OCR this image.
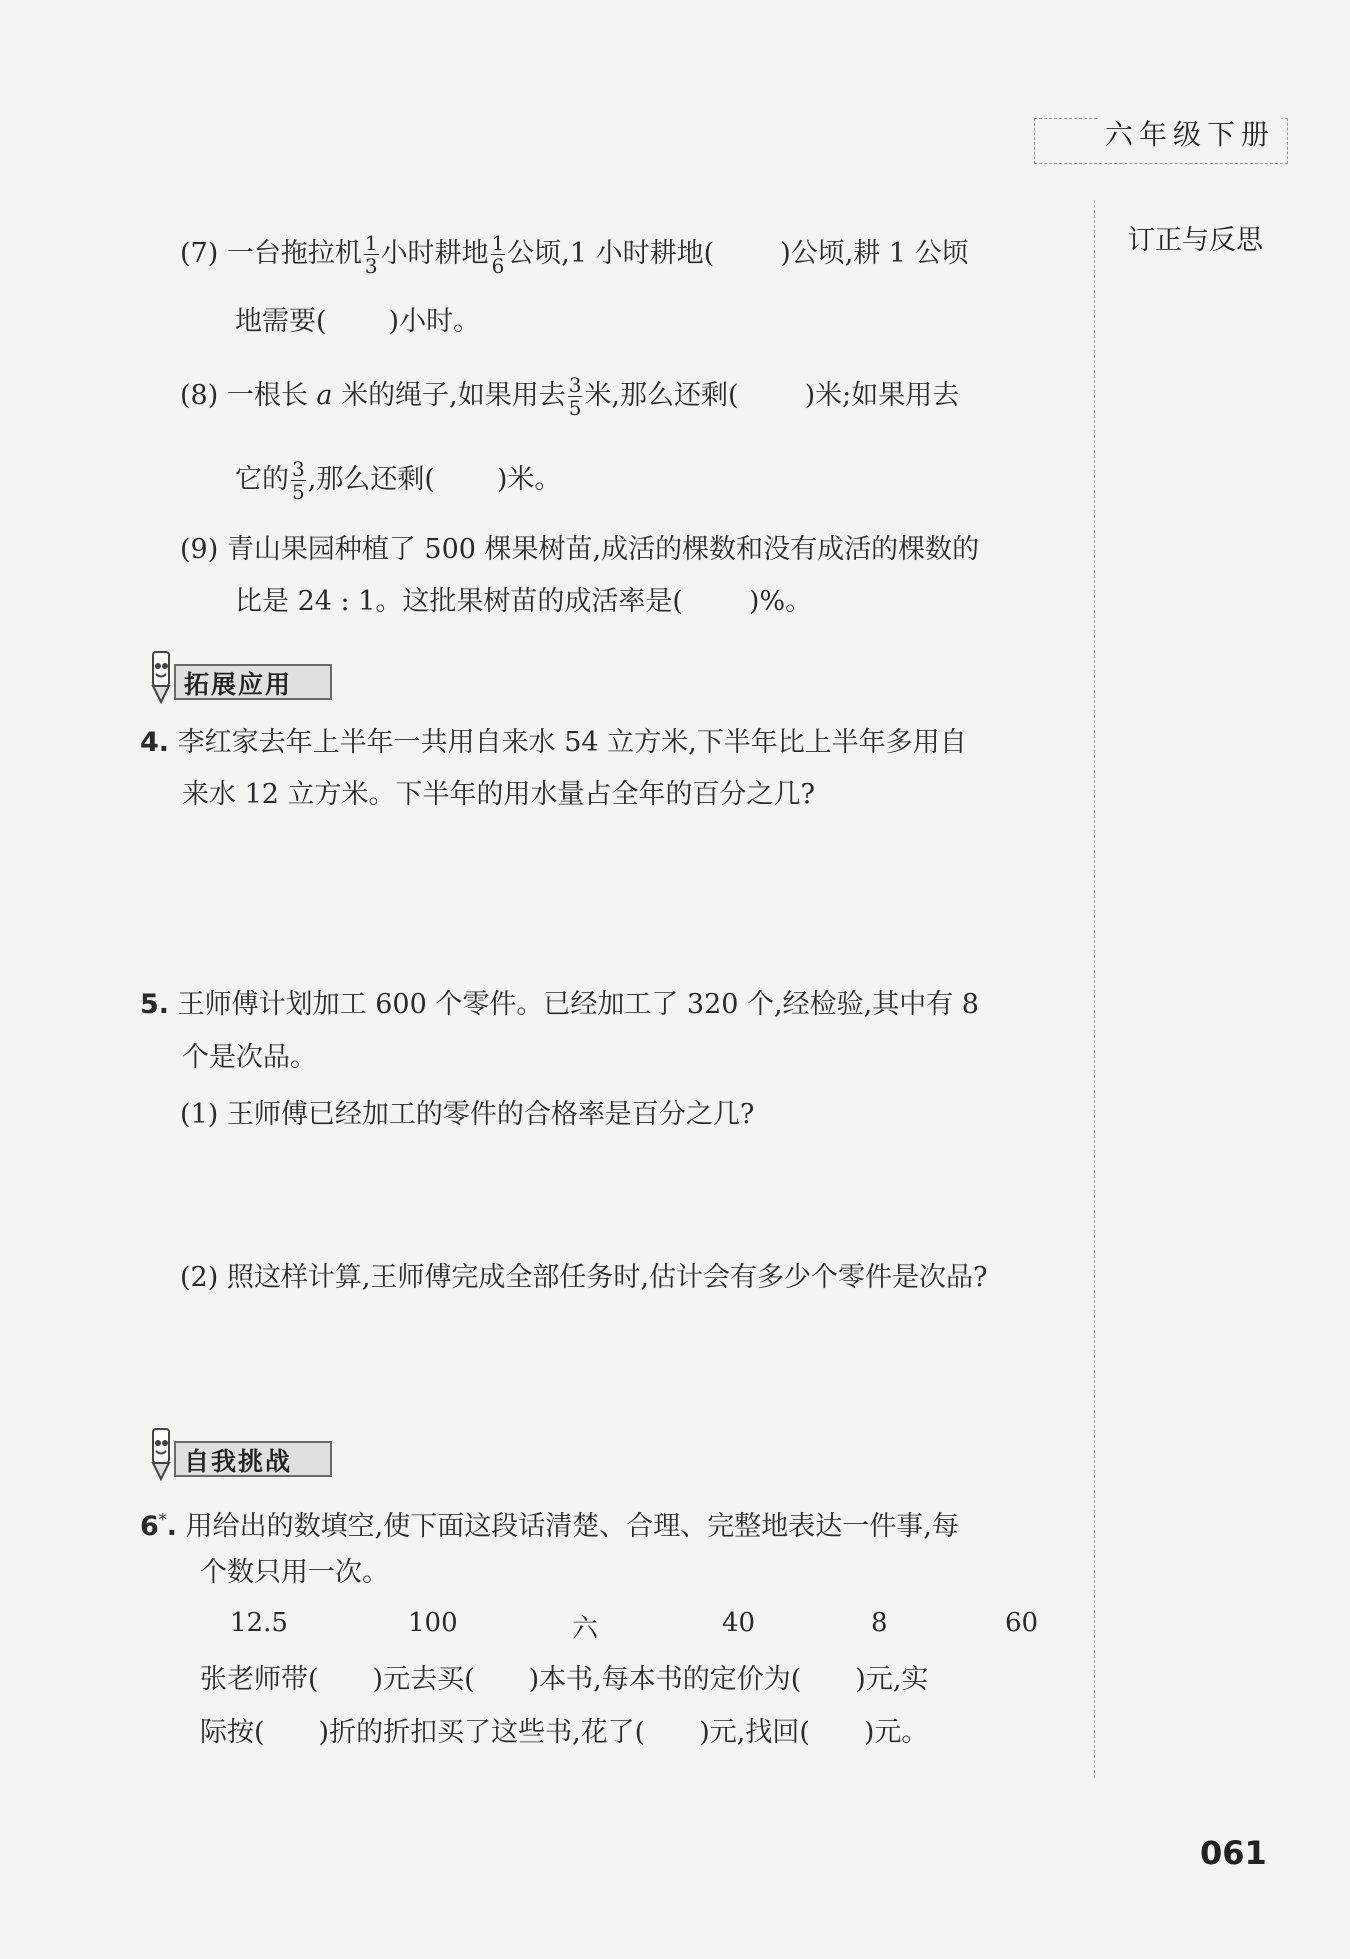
六年级下册
订正与反思
(7) 一台拖拉机 $\frac{1}{3}$ 小时耕地 $\frac{1}{6}$ 公顷,1 小时耕地( )公顷,耕 1 公顷
地需要( )小时。
(8) 一根长 a 米的绳子,如果用去 $\frac{3}{5}$ 米,那么还剩( )米;如果用去
它的 $\frac{3}{5}$ ,那么还剩( )米。
(9) 青山果园种植了 500 棵果树苗,成活的棵数和没有成活的棵数的
比是 24 : 1。这批果树苗的成活率是( )%。
拓展应用
4. 李红家去年上半年一共用自来水 54 立方米,下半年比上半年多用自
来水 12 立方米。下半年的用水量占全年的百分之几?
5. 王师傅计划加工 600 个零件。已经加工了 320 个,经检验,其中有 8
个是次品。
(1) 王师傅已经加工的零件的合格率是百分之几?
(2) 照这样计算,王师傅完成全部任务时,估计会有多少个零件是次品?
自我挑战
6*. 用给出的数填空,使下面这段话清楚、合理、完整地表达一件事,每
个数只用一次。
12.5	100	六	40	8	60
张老师带( )元去买( )本书,每本书的定价为( )元,实
际按( )折的折扣买了这些书,花了( )元,找回( )元。
061
